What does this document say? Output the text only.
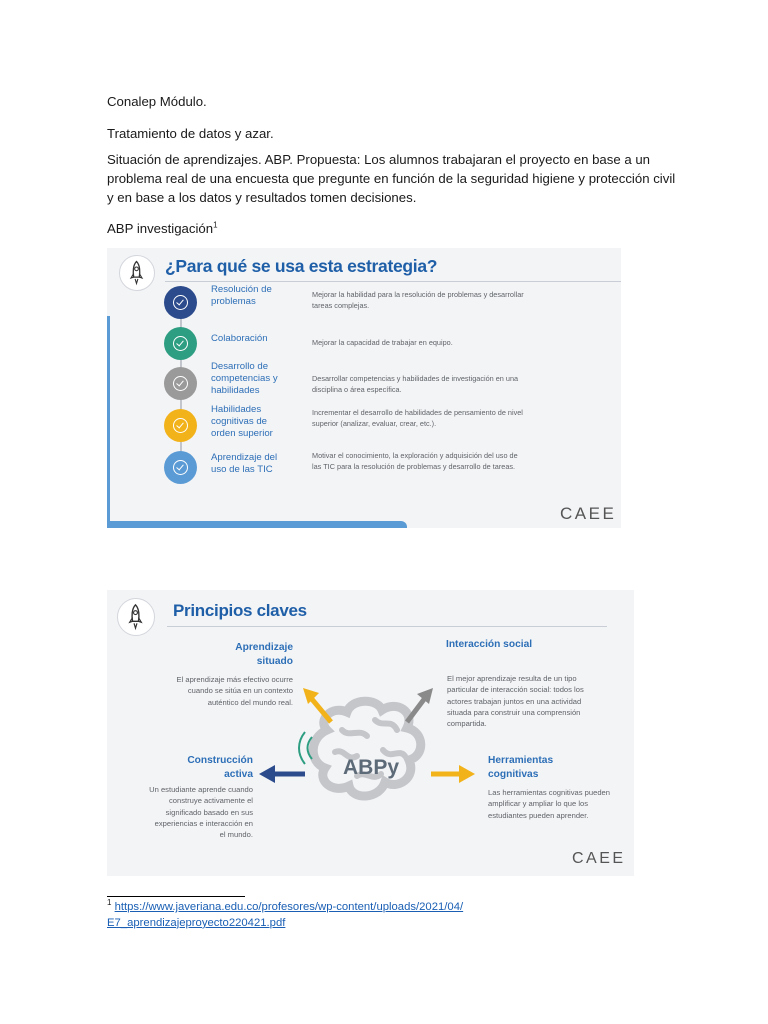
Conalep Módulo.
Tratamiento de datos y azar.
Situación de aprendizajes. ABP. Propuesta: Los alumnos trabajaran el proyecto en base a un
problema real de una encuesta que pregunte en función de la seguridad higiene y protección civil
y en base a los datos y resultados tomen decisiones.
ABP investigación$^1$
¿Para qué se usa esta estrategia?
Resolución de problemas
Mejorar la habilidad para la resolución de problemas y desarrollar tareas complejas.
Colaboración	Mejorar la capacidad de trabajar en equipo.
Desarrollo de competencias y habilidades
Desarrollar competencias y habilidades de investigación en una disciplina o área específica.
Habilidades cognitivas de orden superior
Incrementar el desarrollo de habilidades de pensamiento de nivel superior (analizar, evaluar, crear, etc.).
Aprendizaje del uso de las TIC
Motivar el conocimiento, la exploración y adquisición del uso de las TIC para la resolución de problemas y desarrollo de tareas.
CAEE
Principios claves
ABPy
Aprendizaje situado
El aprendizaje más efectivo ocurre cuando se sitúa en un contexto auténtico del mundo real.
Interacción social
El mejor aprendizaje resulta de un tipo particular de interacción social: todos los actores trabajan juntos en una actividad situada para construir una comprensión compartida.
Construcción activa
Un estudiante aprende cuando construye activamente el significado basado en sus experiencias e interacción en el mundo.
Herramientas cognitivas
Las herramientas cognitivas pueden amplificar y ampliar lo que los estudiantes pueden aprender.
CAEE
$^1$ https://www.javeriana.edu.co/profesores/wp-content/uploads/2021/04/
E7_aprendizajeproyecto220421.pdf
